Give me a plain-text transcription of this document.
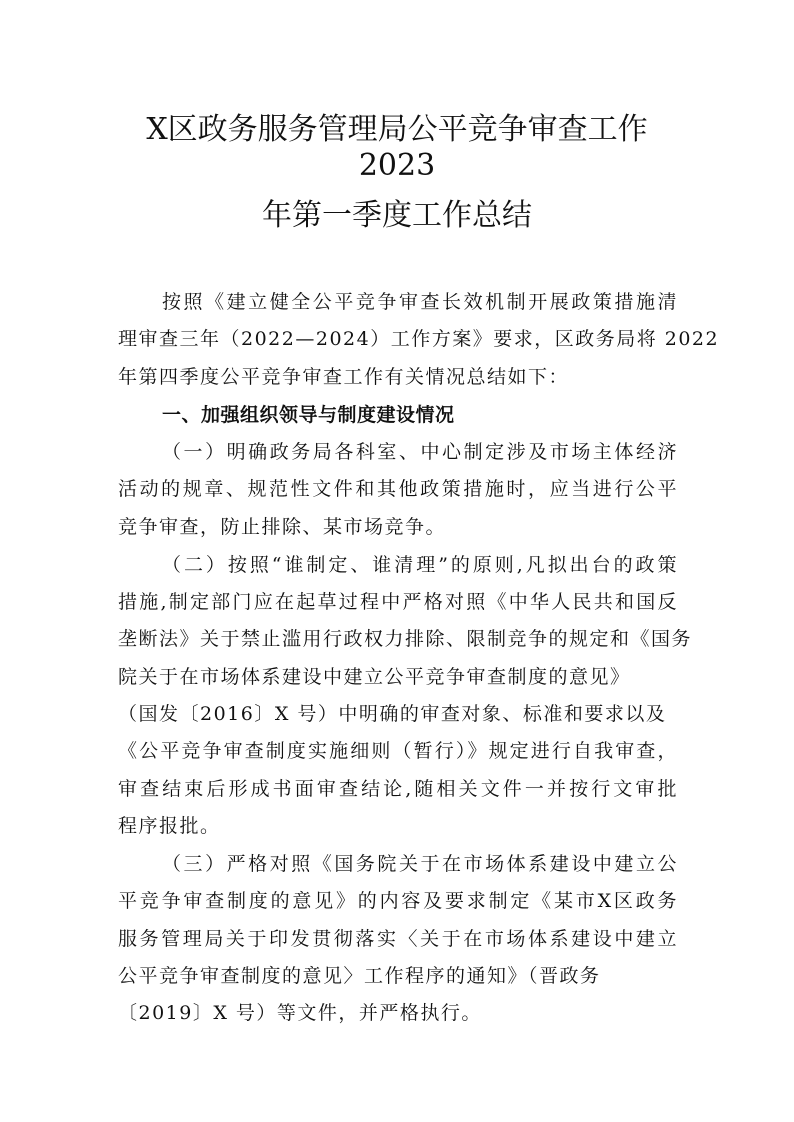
X区政务服务管理局公平竞争审查工作
2023
年第一季度工作总结
按照《建立健全公平竞争审查长效机制开展政策措施清
理审查三年（2022—2024）工作方案》要求，区政务局将 2022
年第四季度公平竞争审查工作有关情况总结如下：
一、加强组织领导与制度建设情况
（一）明确政务局各科室、中心制定涉及市场主体经济
活动的规章、规范性文件和其他政策措施时，应当进行公平
竞争审查，防止排除、某市场竞争。
（二）按照“谁制定、谁清理”的原则,凡拟出台的政策
措施,制定部门应在起草过程中严格对照《中华人民共和国反
垄断法》关于禁止滥用行政权力排除、限制竞争的规定和《国务
院关于在市场体系建设中建立公平竞争审查制度的意见》
（国发〔2016〕X 号）中明确的审查对象、标准和要求以及
《公平竞争审查制度实施细则（暂行）》规定进行自我审查，
审查结束后形成书面审查结论,随相关文件一并按行文审批
程序报批。
（三）严格对照《国务院关于在市场体系建设中建立公
平竞争审查制度的意见》的内容及要求制定《某市X区政务
服务管理局关于印发贯彻落实〈关于在市场体系建设中建立
公平竞争审查制度的意见〉工作程序的通知》（晋政务
〔2019〕X 号）等文件，并严格执行。
